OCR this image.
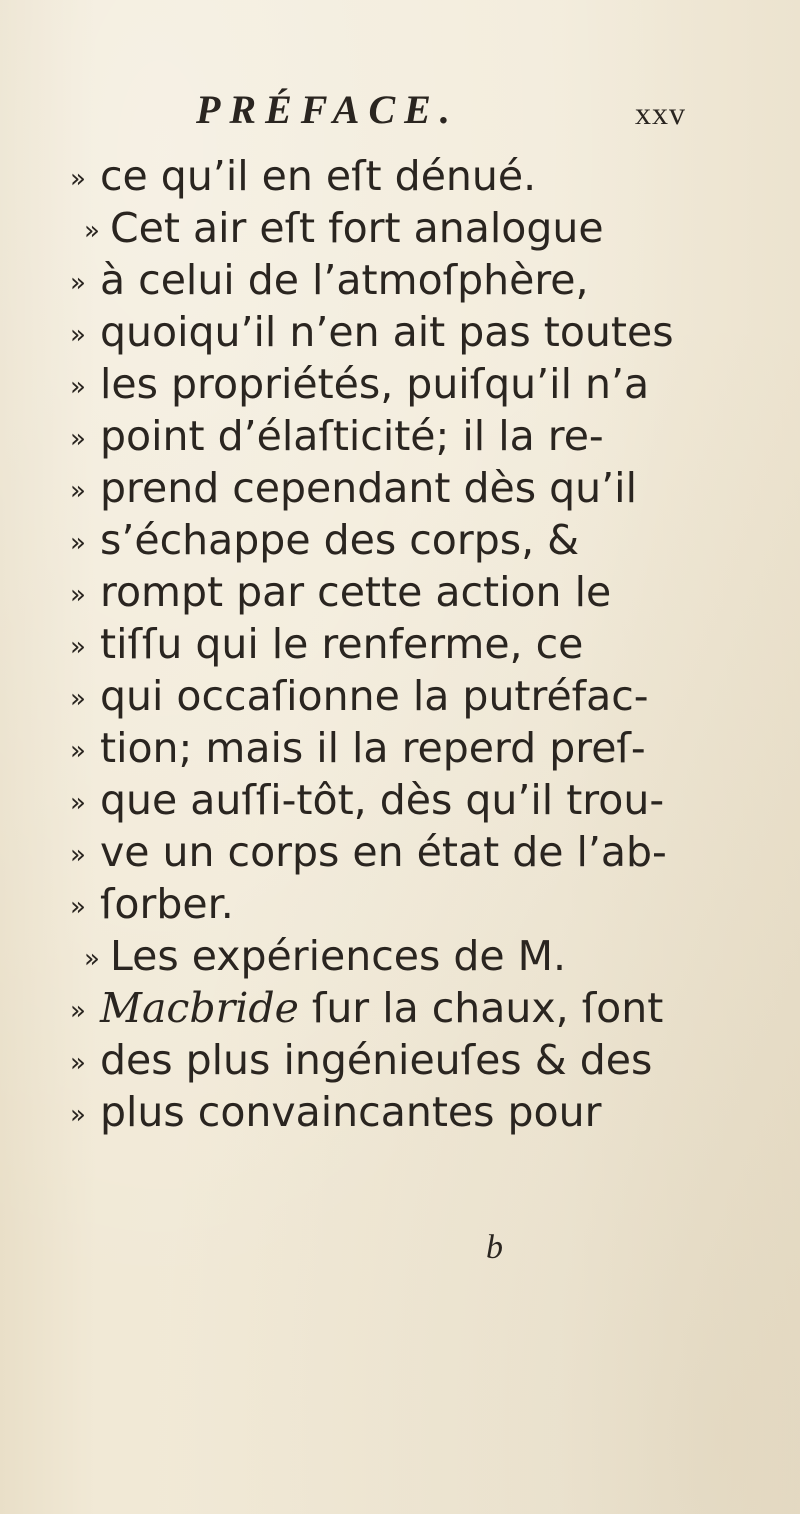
PRÉFACE.	xxv
» ce qu’il en eſt dénué.
» Cet air eſt fort analogue
» à celui de l’atmoſphère,
» quoiqu’il n’en ait pas toutes
» les propriétés, puiſqu’il n’a
» point d’élaſticité; il la re-
» prend cependant dès qu’il
» s’échappe des corps, &
» rompt par cette action le
» tiſſu qui le renferme, ce
» qui occaſionne la putréfac-
» tion; mais il la reperd preſ-
» que auſſi-tôt, dès qu’il trou-
» ve un corps en état de l’ab-
» ſorber.
» Les expériences de M.
» Macbride ſur la chaux, ſont
» des plus ingénieuſes & des
» plus convaincantes pour
b
